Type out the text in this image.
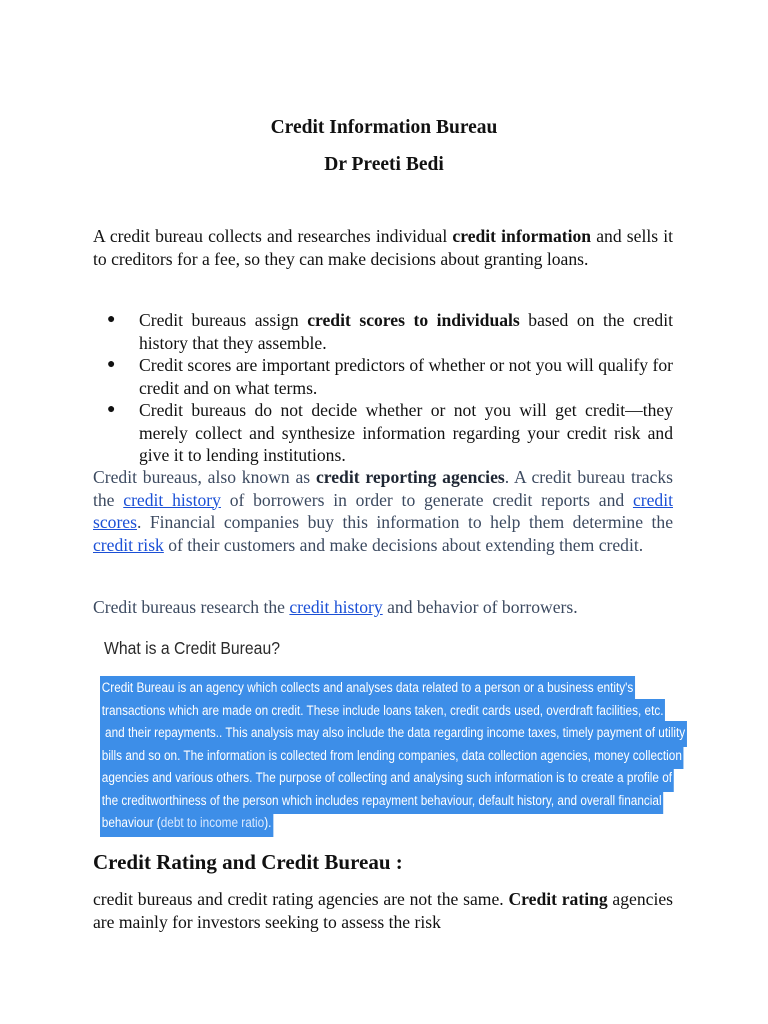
Credit Information Bureau
Dr Preeti Bedi

A credit bureau collects and researches individual credit information and sells it to creditors for a fee, so they can make decisions about granting loans.

● Credit bureaus assign credit scores to individuals based on the credit history that they assemble.
● Credit scores are important predictors of whether or not you will qualify for credit and on what terms.
● Credit bureaus do not decide whether or not you will get credit—they merely collect and synthesize information regarding your credit risk and give it to lending institutions.

Credit bureaus, also known as credit reporting agencies. A credit bureau tracks the credit history of borrowers in order to generate credit reports and credit scores. Financial companies buy this information to help them determine the credit risk of their customers and make decisions about extending them credit.

Credit bureaus research the credit history and behavior of borrowers.

What is a Credit Bureau?
Credit Bureau is an agency which collects and analyses data related to a person or a business entity's
transactions which are made on credit. These include loans taken, credit cards used, overdraft facilities, etc.
and their repayments.. This analysis may also include the data regarding income taxes, timely payment of utility
bills and so on. The information is collected from lending companies, data collection agencies, money collection
agencies and various others. The purpose of collecting and analysing such information is to create a profile of
the creditworthiness of the person which includes repayment behaviour, default history, and overall financial
behaviour (debt to income ratio).
Credit Rating and Credit Bureau :

credit bureaus and credit rating agencies are not the same. Credit rating agencies are mainly for investors seeking to assess the risk
